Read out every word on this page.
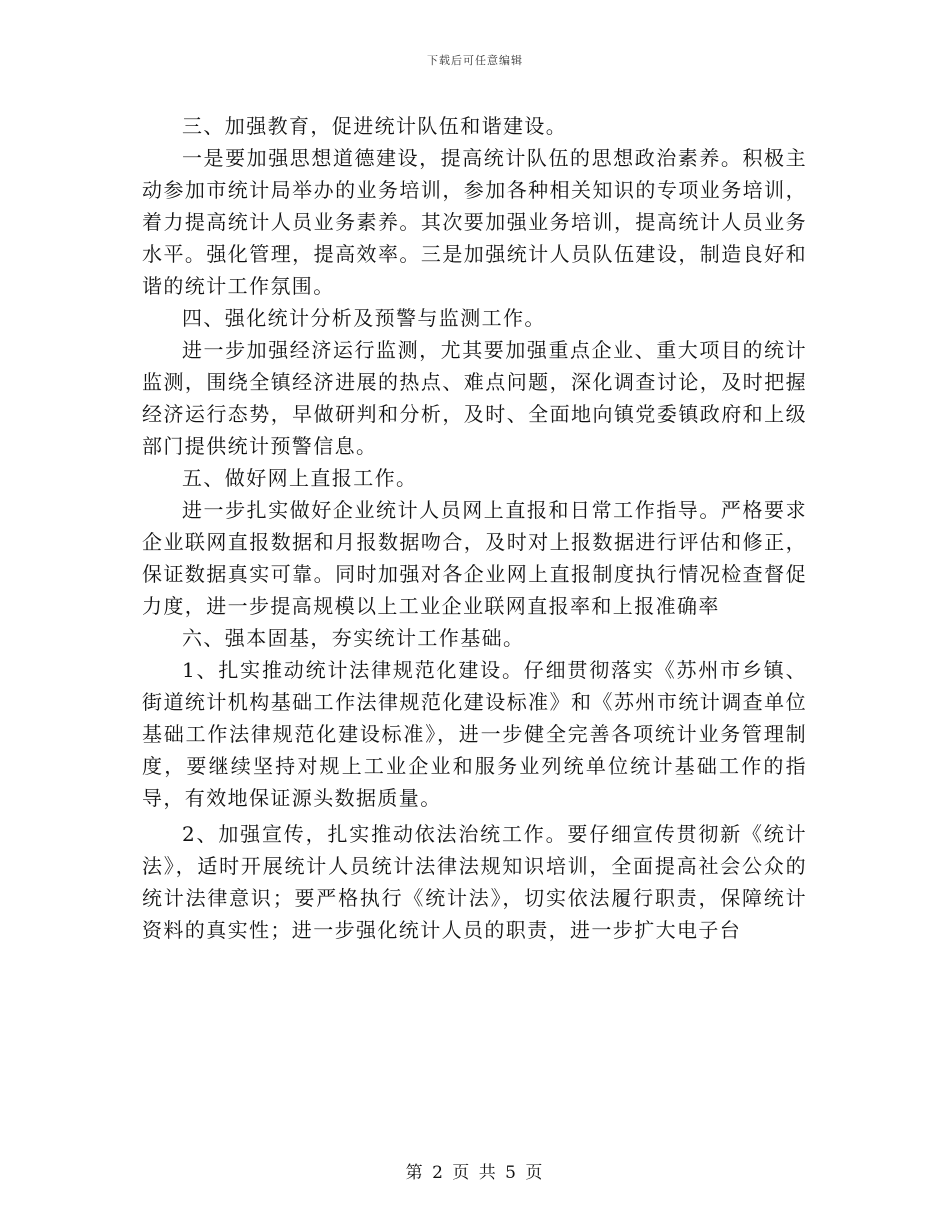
下载后可任意编辑

三、加强教育，促进统计队伍和谐建设。

一是要加强思想道德建设，提高统计队伍的思想政治素养。积极主动参加市统计局举办的业务培训，参加各种相关知识的专项业务培训，着力提高统计人员业务素养。其次要加强业务培训，提高统计人员业务水平。强化管理，提高效率。三是加强统计人员队伍建设，制造良好和谐的统计工作氛围。

四、强化统计分析及预警与监测工作。

进一步加强经济运行监测，尤其要加强重点企业、重大项目的统计监测，围绕全镇经济进展的热点、难点问题，深化调查讨论，及时把握经济运行态势，早做研判和分析，及时、全面地向镇党委镇政府和上级部门提供统计预警信息。

五、做好网上直报工作。

进一步扎实做好企业统计人员网上直报和日常工作指导。严格要求企业联网直报数据和月报数据吻合，及时对上报数据进行评估和修正，保证数据真实可靠。同时加强对各企业网上直报制度执行情况检查督促力度，进一步提高规模以上工业企业联网直报率和上报准确率

六、强本固基，夯实统计工作基础。

1、扎实推动统计法律规范化建设。仔细贯彻落实《苏州市乡镇、街道统计机构基础工作法律规范化建设标准》和《苏州市统计调查单位基础工作法律规范化建设标准》，进一步健全完善各项统计业务管理制度，要继续坚持对规上工业企业和服务业列统单位统计基础工作的指导，有效地保证源头数据质量。

2、加强宣传，扎实推动依法治统工作。要仔细宣传贯彻新《统计法》，适时开展统计人员统计法律法规知识培训，全面提高社会公众的统计法律意识；要严格执行《统计法》，切实依法履行职责，保障统计资料的真实性；进一步强化统计人员的职责，进一步扩大电子台

第 2 页 共 5 页
